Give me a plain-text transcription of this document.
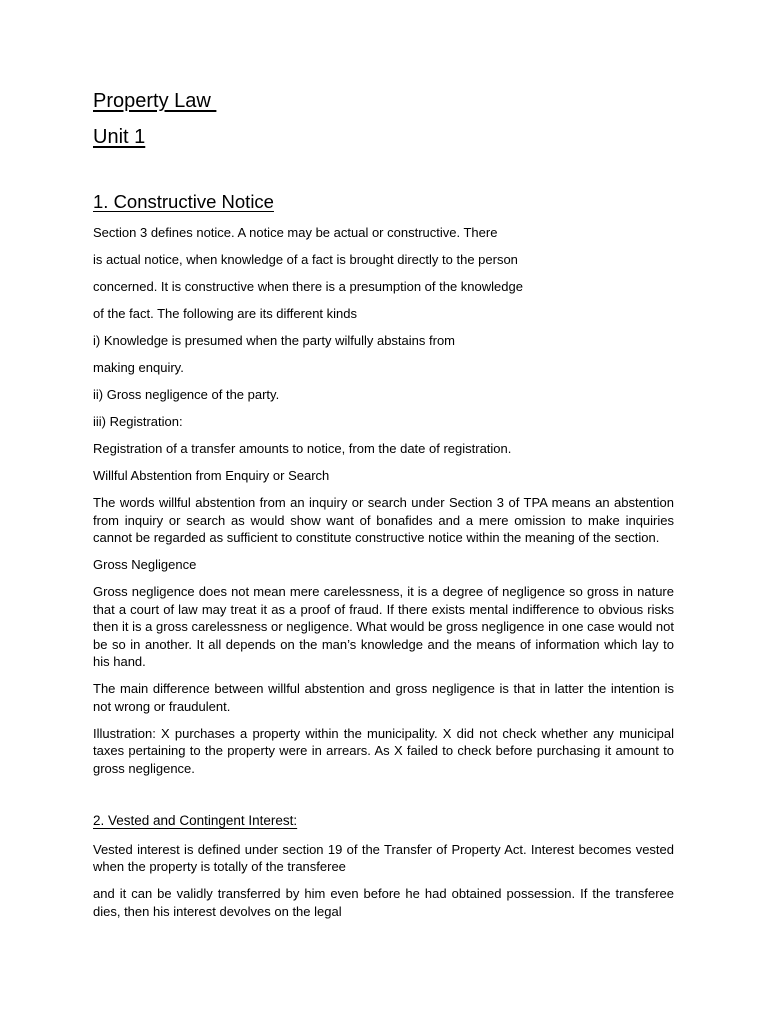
Property Law

Unit 1

1. Constructive Notice

Section 3 defines notice. A notice may be actual or constructive. There

is actual notice, when knowledge of a fact is brought directly to the person

concerned. It is constructive when there is a presumption of the knowledge

of the fact. The following are its different kinds

i) Knowledge is presumed when the party wilfully abstains from

making enquiry.

ii) Gross negligence of the party.

iii) Registration:

Registration of a transfer amounts to notice, from the date of registration.

Willful Abstention from Enquiry or Search

The words willful abstention from an inquiry or search under Section 3 of TPA means an abstention from inquiry or search as would show want of bonafides and a mere omission to make inquiries cannot be regarded as sufficient to constitute constructive notice within the meaning of the section.

Gross Negligence

Gross negligence does not mean mere carelessness, it is a degree of negligence so gross in nature that a court of law may treat it as a proof of fraud. If there exists mental indifference to obvious risks then it is a gross carelessness or negligence. What would be gross negligence in one case would not be so in another. It all depends on the man’s knowledge and the means of information which lay to his hand.

The main difference between willful abstention and gross negligence is that in latter the intention is not wrong or fraudulent.

Illustration: X purchases a property within the municipality. X did not check whether any municipal taxes pertaining to the property were in arrears. As X failed to check before purchasing it amount to gross negligence.

2. Vested and Contingent Interest:

Vested interest is defined under section 19 of the Transfer of Property Act. Interest becomes vested when the property is totally of the transferee

and it can be validly transferred by him even before he had obtained possession. If the transferee dies, then his interest devolves on the legal
